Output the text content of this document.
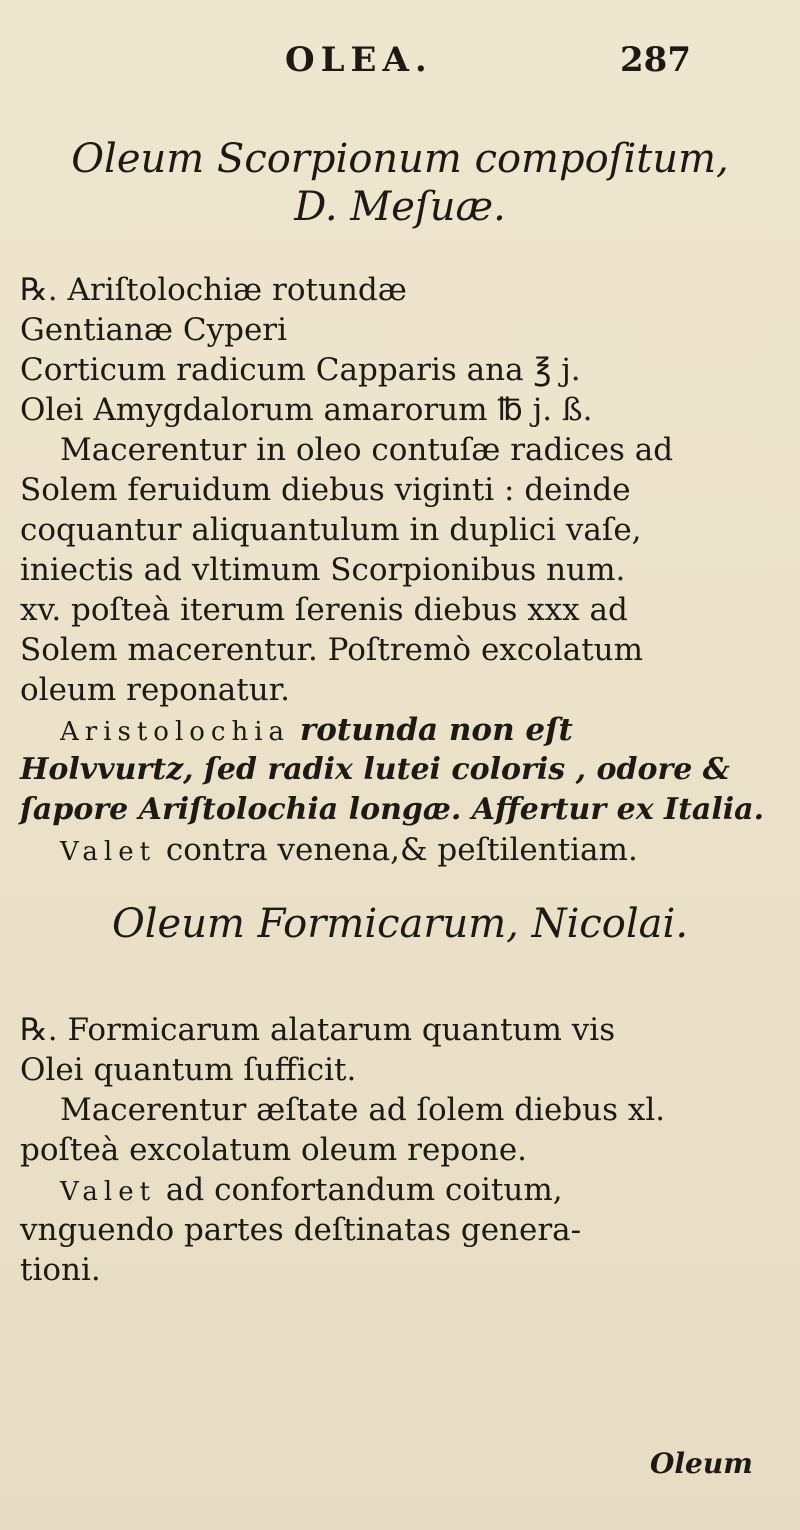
OLEA.	287
Oleum Scorpionum compoſitum,
D. Meſuæ.
℞. Ariſtolochiæ rotundæ
Gentianæ Cyperi
Corticum radicum Capparis ana ℥ j.
Olei Amygdalorum amarorum ℔ j. ß.
Macerentur in oleo contuſæ radices ad
Solem feruidum diebus viginti : deinde
coquantur aliquantulum in duplici vaſe,
iniectis ad vltimum Scorpionibus num.
xv. poſteà iterum ſerenis diebus xxx ad
Solem macerentur. Poſtremò excolatum
oleum reponatur.
Aristolochia rotunda non eſt
Holvvurtz, ſed radix lutei coloris , odore &
ſapore Ariſtolochia longæ. Affertur ex Italia.
Valet contra venena,& peſtilentiam.
Oleum Formicarum, Nicolai.
℞. Formicarum alatarum quantum vis
Olei quantum ſufficit.
Macerentur æſtate ad ſolem diebus xl.
poſteà excolatum oleum repone.
Valet ad confortandum coitum,
vnguendo partes deſtinatas genera-
tioni.
Oleum
